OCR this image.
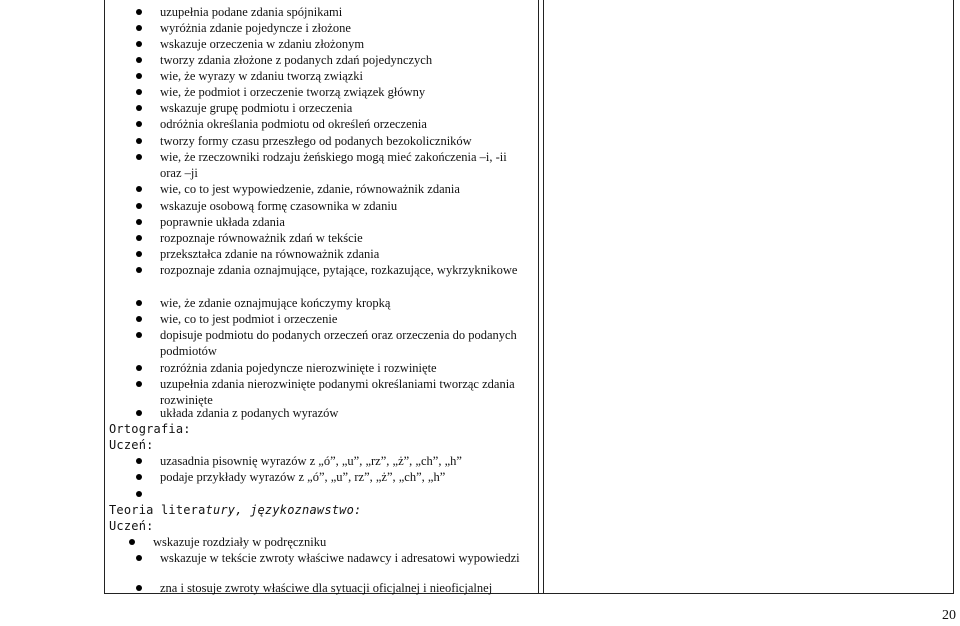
uzupełnia podane zdania spójnikami
wyróżnia zdanie pojedyncze i złożone
wskazuje orzeczenia w zdaniu złożonym
tworzy zdania złożone z podanych zdań pojedynczych
wie, że wyrazy w zdaniu tworzą związki
wie, że podmiot i orzeczenie tworzą związek główny
wskazuje grupę podmiotu i orzeczenia
odróżnia określania podmiotu od określeń orzeczenia
tworzy formy czasu przeszłego od podanych bezokoliczników
wie, że rzeczowniki rodzaju żeńskiego mogą mieć zakończenia –i, -ii oraz –ji
wie, co to jest wypowiedzenie, zdanie, równoważnik zdania
wskazuje osobową formę czasownika w zdaniu
poprawnie układa zdania
rozpoznaje równoważnik zdań w tekście
przekształca zdanie na równoważnik zdania
rozpoznaje zdania oznajmujące, pytające, rozkazujące, wykrzyknikowe
wie, że zdanie oznajmujące kończymy kropką
wie, co to jest podmiot i orzeczenie
dopisuje podmiotu do podanych orzeczeń oraz orzeczenia do podanych podmiotów
rozróżnia zdania pojedyncze nierozwinięte i rozwinięte
uzupełnia zdania nierozwinięte podanymi określaniami tworząc zdania rozwinięte
układa zdania z podanych wyrazów
Ortografia:
Uczeń:
uzasadnia pisownię wyrazów z „ó”, „u”, „rz”, „ż”, „ch”, „h”
podaje przykłady wyrazów z „ó”, „u”, rz”, „ż”, „ch”, „h”
Teoria literatury, językoznawstwo:
Uczeń:
wskazuje rozdziały w podręczniku
wskazuje w tekście zwroty właściwe nadawcy i adresatowi wypowiedzi
zna i stosuje zwroty właściwe dla sytuacji oficjalnej i nieoficjalnej
20
